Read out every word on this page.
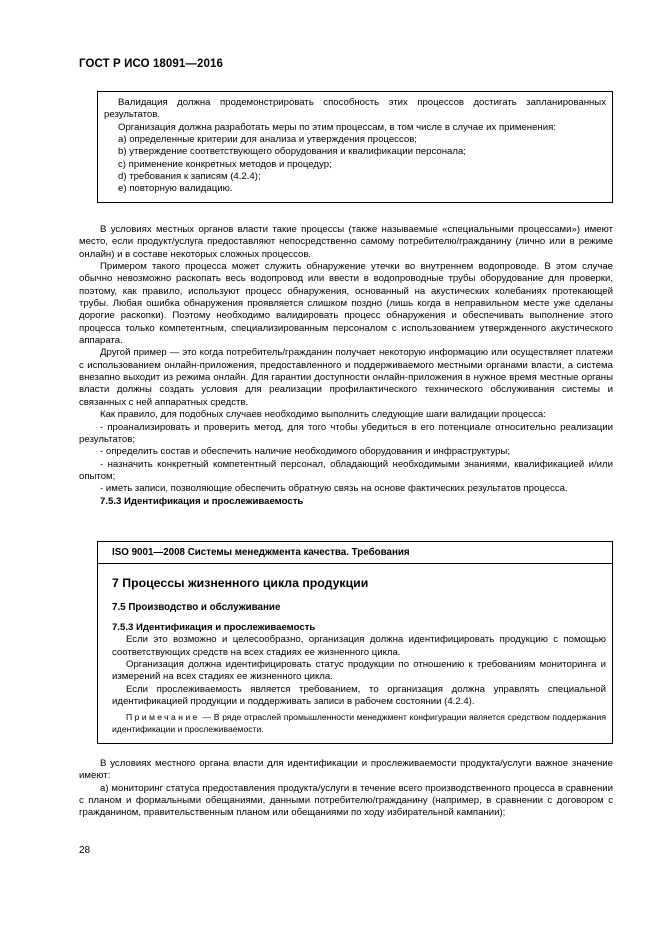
ГОСТ Р ИСО 18091—2016

Валидация должна продемонстрировать способность этих процессов достигать запланированных результатов.

Организация должна разработать меры по этим процессам, в том числе в случае их применения:

a) определенные критерии для анализа и утверждения процессов;

b) утверждение соответствующего оборудования и квалификации персонала;

c) применение конкретных методов и процедур;

d) требования к записям (4.2.4);

e) повторную валидацию.

В условиях местных органов власти такие процессы (также называемые «специальными процессами») имеют место, если продукт/услуга предоставляют непосредственно самому потребителю/гражданину (лично или в режиме онлайн) и в составе некоторых сложных процессов.

Примером такого процесса может служить обнаружение утечки во внутреннем водопроводе. В этом случае обычно невозможно раскопать весь водопровод или ввести в водопроводные трубы оборудование для проверки, поэтому, как правило, используют процесс обнаружения, основанный на акустических колебаниях протекающей трубы. Любая ошибка обнаружения проявляется слишком поздно (лишь когда в неправильном месте уже сделаны дорогие раскопки). Поэтому необходимо валидировать процесс обнаружения и обеспечивать выполнение этого процесса только компетентным, специализированным персоналом с использованием утвержденного акустического аппарата.

Другой пример — это когда потребитель/гражданин получает некоторую информацию или осуществляет платежи с использованием онлайн-приложения, предоставленного и поддерживаемого местными органами власти, а система внезапно выходит из режима онлайн. Для гарантии доступности онлайн-приложения в нужное время местные органы власти должны создать условия для реализации профилактического технического обслуживания системы и связанных с ней аппаратных средств.

Как правило, для подобных случаев необходимо выполнить следующие шаги валидации процесса:

- проанализировать и проверить метод, для того чтобы убедиться в его потенциале относительно реализации результатов;

- определить состав и обеспечить наличие необходимого оборудования и инфраструктуры;

- назначить конкретный компетентный персонал, обладающий необходимыми знаниями, квалификацией и/или опытом;

- иметь записи, позволяющие обеспечить обратную связь на основе фактических результатов процесса.

7.5.3 Идентификация и прослеживаемость

ISO 9001—2008 Системы менеджмента качества. Требования
7 Процессы жизненного цикла продукции
7.5 Производство и обслуживание

7.5.3 Идентификация и прослеживаемость

Если это возможно и целесообразно, организация должна идентифицировать продукцию с помощью соответствующих средств на всех стадиях ее жизненного цикла.

Организация должна идентифицировать статус продукции по отношению к требованиям мониторинга и измерений на всех стадиях ее жизненного цикла.

Если прослеживаемость является требованием, то организация должна управлять специальной идентификацией продукции и поддерживать записи в рабочем состоянии (4.2.4).

Примечание — В ряде отраслей промышленности менеджмент конфигурации является средством поддержания идентификации и прослеживаемости.

В условиях местного органа власти для идентификации и прослеживаемости продукта/услуги важное значение имеют:

а) мониторинг статуса предоставления продукта/услуги в течение всего производственного процесса в сравнении с планом и формальными обещаниями, данными потребителю/гражданину (например, в сравнении с договором с гражданином, правительственным планом или обещаниями по ходу избирательной кампании);

28
